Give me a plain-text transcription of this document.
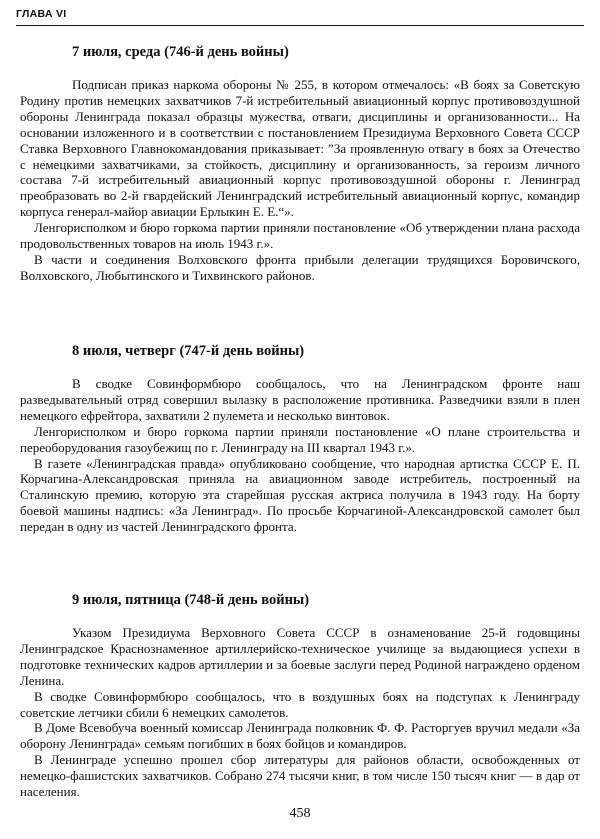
ГЛАВА VI
7 июля, среда (746-й день войны)

Подписан приказ наркома обороны № 255, в котором отмечалось: «В боях за Советскую Родину против немецких захватчиков 7-й истребительный авиационный корпус противовоздушной обороны Ленинграда показал образцы мужества, отваги, дисциплины и организованности... На основании изложенного и в соответствии с постановлением Президиума Верховного Совета СССР Ставка Верховного Главнокомандования приказывает: ”За проявленную отвагу в боях за Отечество с немецкими захватчиками, за стойкость, дисциплину и организованность, за героизм личного состава 7-й истребительный авиационный корпус противовоздушной обороны г. Ленинград преобразовать во 2-й гвардейский Ленинградский истребительный авиационный корпус, командир корпуса генерал-майор авиации Ерлыкин Е. Е.“».

Ленгорисполком и бюро горкома партии приняли постановление «Об утверждении плана расхода продовольственных товаров на июль 1943 г.».

В части и соединения Волховского фронта прибыли делегации трудящихся Боровичского, Волховского, Любытинского и Тихвинского районов.

8 июля, четверг (747-й день войны)

В сводке Совинформбюро сообщалось, что на Ленинградском фронте наш разведывательный отряд совершил вылазку в расположение противника. Разведчики взяли в плен немецкого ефрейтора, захватили 2 пулемета и несколько винтовок.

Ленгорисполком и бюро горкома партии приняли постановление «О плане строительства и переоборудования газоубежищ по г. Ленинграду на III квартал 1943 г.».

В газете «Ленинградская правда» опубликовано сообщение, что народная артистка СССР Е. П. Корчагина-Александровская приняла на авиационном заводе истребитель, построенный на Сталинскую премию, которую эта старейшая русская актриса получила в 1943 году. На борту боевой машины надпись: «За Ленинград». По просьбе Корчагиной-Александровской самолет был передан в одну из частей Ленинградского фронта.

9 июля, пятница (748-й день войны)

Указом Президиума Верховного Совета СССР в ознаменование 25-й годовщины Ленинградское Краснознаменное артиллерийско-техническое училище за выдающиеся успехи в подготовке технических кадров артиллерии и за боевые заслуги перед Родиной награждено орденом Ленина.

В сводке Совинформбюро сообщалось, что в воздушных боях на подступах к Ленинграду советские летчики сбили 6 немецких самолетов.

В Доме Всевобуча военный комиссар Ленинграда полковник Ф. Ф. Расторгуев вручил медали «За оборону Ленинграда» семьям погибших в боях бойцов и командиров.

В Ленинграде успешно прошел сбор литературы для районов области, освобожденных от немецко-фашистских захватчиков. Собрано 274 тысячи книг, в том числе 150 тысяч книг — в дар от населения.

458
